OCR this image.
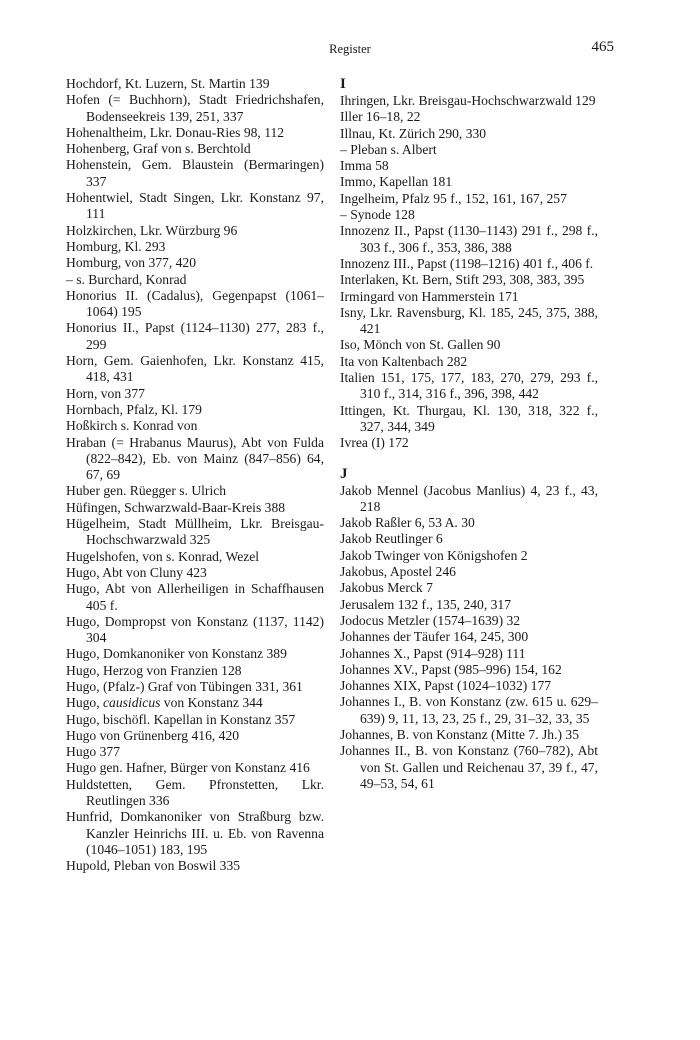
Register	465
Hochdorf, Kt. Luzern, St. Martin 139
Hofen (= Buchhorn), Stadt Friedrichshafen, Bodenseekreis 139, 251, 337
Hohenaltheim, Lkr. Donau-Ries 98, 112
Hohenberg, Graf von s. Berchtold
Hohenstein, Gem. Blaustein (Bermaringen) 337
Hohentwiel, Stadt Singen, Lkr. Konstanz 97, 111
Holzkirchen, Lkr. Würzburg 96
Homburg, Kl. 293
Homburg, von 377, 420
– s. Burchard, Konrad
Honorius II. (Cadalus), Gegenpapst (1061–1064) 195
Honorius II., Papst (1124–1130) 277, 283 f., 299
Horn, Gem. Gaienhofen, Lkr. Konstanz 415, 418, 431
Horn, von 377
Hornbach, Pfalz, Kl. 179
Hoßkirch s. Konrad von
Hraban (= Hrabanus Maurus), Abt von Fulda (822–842), Eb. von Mainz (847–856) 64, 67, 69
Huber gen. Rüegger s. Ulrich
Hüfingen, Schwarzwald-Baar-Kreis 388
Hügelheim, Stadt Müllheim, Lkr. Breisgau-Hochschwarzwald 325
Hugelshofen, von s. Konrad, Wezel
Hugo, Abt von Cluny 423
Hugo, Abt von Allerheiligen in Schaffhausen 405 f.
Hugo, Dompropst von Konstanz (1137, 1142) 304
Hugo, Domkanoniker von Konstanz 389
Hugo, Herzog von Franzien 128
Hugo, (Pfalz-) Graf von Tübingen 331, 361
Hugo, causidicus von Konstanz 344
Hugo, bischöfl. Kapellan in Konstanz 357
Hugo von Grünenberg 416, 420
Hugo 377
Hugo gen. Hafner, Bürger von Konstanz 416
Huldstetten, Gem. Pfronstetten, Lkr. Reutlingen 336
Hunfrid, Domkanoniker von Straßburg bzw. Kanzler Heinrichs III. u. Eb. von Ravenna (1046–1051) 183, 195
Hupold, Pleban von Boswil 335
I
Ihringen, Lkr. Breisgau-Hochschwarzwald 129
Iller 16–18, 22
Illnau, Kt. Zürich 290, 330
– Pleban s. Albert
Imma 58
Immo, Kapellan 181
Ingelheim, Pfalz 95 f., 152, 161, 167, 257
– Synode 128
Innozenz II., Papst (1130–1143) 291 f., 298 f., 303 f., 306 f., 353, 386, 388
Innozenz III., Papst (1198–1216) 401 f., 406 f.
Interlaken, Kt. Bern, Stift 293, 308, 383, 395
Irmingard von Hammerstein 171
Isny, Lkr. Ravensburg, Kl. 185, 245, 375, 388, 421
Iso, Mönch von St. Gallen 90
Ita von Kaltenbach 282
Italien 151, 175, 177, 183, 270, 279, 293 f., 310 f., 314, 316 f., 396, 398, 442
Ittingen, Kt. Thurgau, Kl. 130, 318, 322 f., 327, 344, 349
Ivrea (I) 172
J
Jakob Mennel (Jacobus Manlius) 4, 23 f., 43, 218
Jakob Raßler 6, 53 A. 30
Jakob Reutlinger 6
Jakob Twinger von Königshofen 2
Jakobus, Apostel 246
Jakobus Merck 7
Jerusalem 132 f., 135, 240, 317
Jodocus Metzler (1574–1639) 32
Johannes der Täufer 164, 245, 300
Johannes X., Papst (914–928) 111
Johannes XV., Papst (985–996) 154, 162
Johannes XIX, Papst (1024–1032) 177
Johannes I., B. von Konstanz (zw. 615 u. 629–639) 9, 11, 13, 23, 25 f., 29, 31–32, 33, 35
Johannes, B. von Konstanz (Mitte 7. Jh.) 35
Johannes II., B. von Konstanz (760–782), Abt von St. Gallen und Reichenau 37, 39 f., 47, 49–53, 54, 61
